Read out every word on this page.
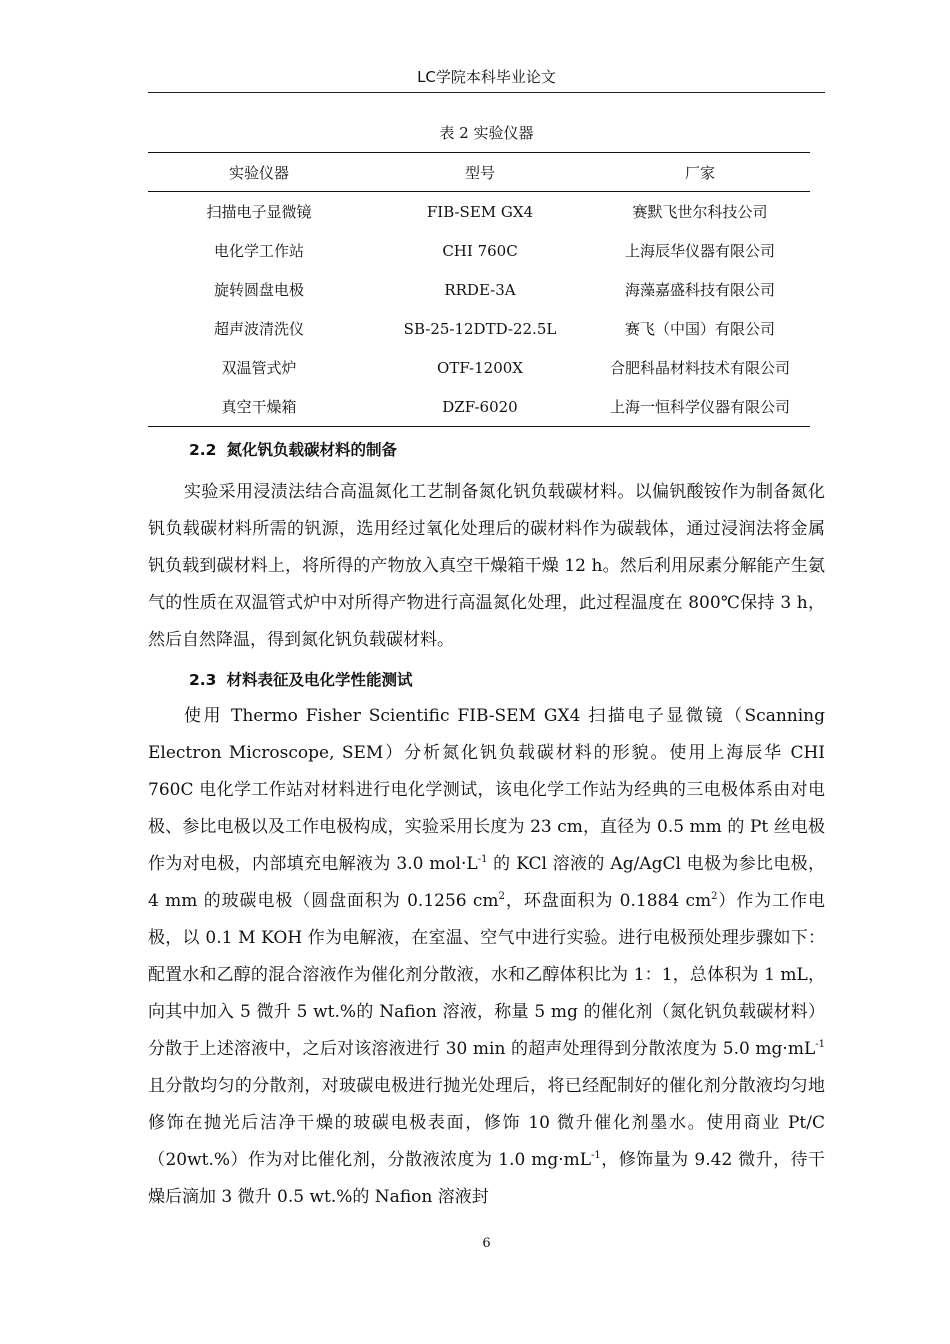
LC学院本科毕业论文
表 2 实验仪器
实验仪器	型号	厂家
扫描电子显微镜	FIB-SEM GX4	赛默飞世尔科技公司
电化学工作站	CHI 760C	上海辰华仪器有限公司
旋转圆盘电极	RRDE-3A	海藻嘉盛科技有限公司
超声波清洗仪	SB-25-12DTD-22.5L	赛飞（中国）有限公司
双温管式炉	OTF-1200X	合肥科晶材料技术有限公司
真空干燥箱	DZF-6020	上海一恒科学仪器有限公司
2.2 氮化钒负载碳材料的制备
实验采用浸渍法结合高温氮化工艺制备氮化钒负载碳材料。以偏钒酸铵作为制备氮化钒负载碳材料所需的钒源，选用经过氧化处理后的碳材料作为碳载体，通过浸润法将金属钒负载到碳材料上，将所得的产物放入真空干燥箱干燥 12 h。然后利用尿素分解能产生氨气的性质在双温管式炉中对所得产物进行高温氮化处理，此过程温度在 800℃保持 3 h，然后自然降温，得到氮化钒负载碳材料。
2.3 材料表征及电化学性能测试
使用 Thermo Fisher Scientific FIB-SEM GX4 扫描电子显微镜（Scanning Electron Microscope, SEM）分析氮化钒负载碳材料的形貌。使用上海辰华 CHI 760C 电化学工作站对材料进行电化学测试，该电化学工作站为经典的三电极体系由对电极、参比电极以及工作电极构成，实验采用长度为 23 cm，直径为 0.5 mm 的 Pt 丝电极作为对电极，内部填充电解液为 3.0 $mol\cdot L^{-1}$ 的 KCl 溶液的 Ag/AgCl 电极为参比电极，4 mm 的玻碳电极（圆盘面积为 0.1256 $cm^2$，环盘面积为 0.1884 $cm^2$）作为工作电极，以 0.1 M KOH 作为电解液，在室温、空气中进行实验。进行电极预处理步骤如下：配置水和乙醇的混合溶液作为催化剂分散液，水和乙醇体积比为 1：1，总体积为 1 mL，向其中加入 5 微升 5 wt.%的 Nafion 溶液，称量 5 mg 的催化剂（氮化钒负载碳材料）分散于上述溶液中，之后对该溶液进行 30 min 的超声处理得到分散浓度为 5.0 $mg\cdot mL^{-1}$ 且分散均匀的分散剂，对玻碳电极进行抛光处理后，将已经配制好的催化剂分散液均匀地修饰在抛光后洁净干燥的玻碳电极表面，修饰 10 微升催化剂墨水。使用商业 Pt/C（20wt.%）作为对比催化剂，分散液浓度为 1.0 $mg\cdot mL^{-1}$，修饰量为 9.42 微升，待干燥后滴加 3 微升 0.5 wt.%的 Nafion 溶液封
6
